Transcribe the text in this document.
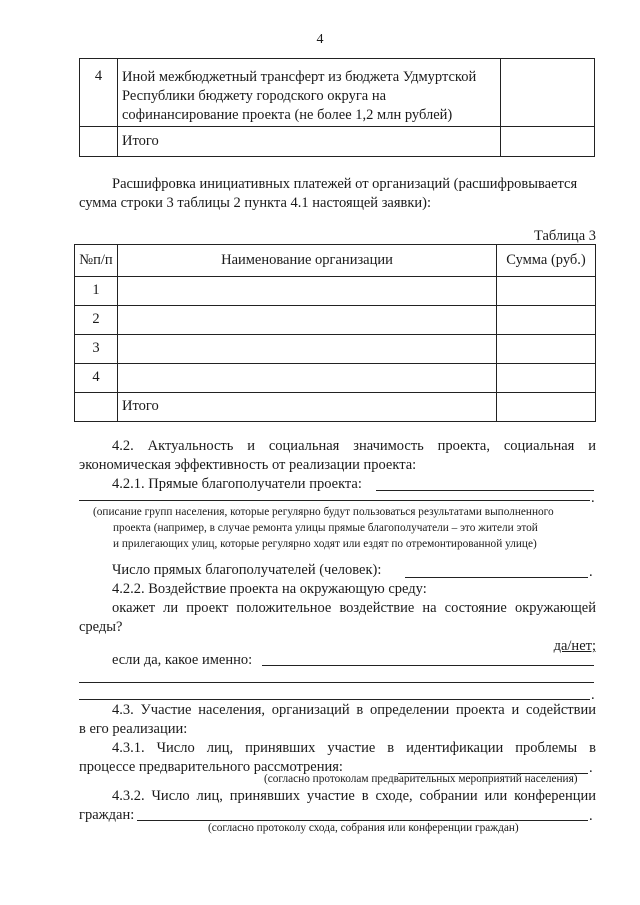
4
4	Иной межбюджетный трансферт из бюджета Удмуртской
Республики бюджету городского округа на
софинансирование проекта (не более 1,2 млн рублей)	

	Итого	
Расшифровка инициативных платежей от организаций (расшифровывается
сумма строки 3 таблицы 2 пункта 4.1 настоящей заявки):
Таблица 3
№п/п	Наименование организации	Сумма (руб.)
1		
2		
3		
4		
	Итого	
4.2. Актуальность и социальная значимость проекта, социальная и
экономическая эффективность от реализации проекта:
4.2.1. Прямые благополучатели проекта:
.
(описание групп населения, которые регулярно будут пользоваться результатами выполненного
проекта (например, в случае ремонта улицы прямые благополучатели – это жители этой
и прилегающих улиц, которые регулярно ходят или ездят по отремонтированной улице)
Число прямых благополучателей (человек):	.
4.2.2. Воздействие проекта на окружающую среду:
окажет ли проект положительное воздействие на состояние окружающей
среды?
да/нет;
если да, какое именно:
.
4.3. Участие населения, организаций в определении проекта и содействии
в его реализации:
4.3.1. Число лиц, принявших участие в идентификации проблемы в
процессе предварительного рассмотрения:	.
(согласно протоколам предварительных мероприятий населения)
4.3.2. Число лиц, принявших участие в сходе, собрании или конференции
граждан:	.
(согласно протоколу схода, собрания или конференции граждан)
